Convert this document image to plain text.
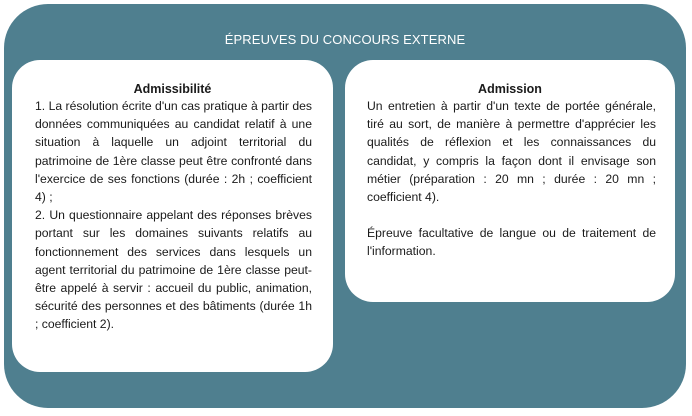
ÉPREUVES DU CONCOURS EXTERNE
Admissibilité

1. La résolution écrite d'un cas pratique à partir des données communiquées au candidat relatif à une situation à laquelle un adjoint territorial du patrimoine de 1ère classe peut être confronté dans l'exercice de ses fonctions (durée : 2h ; coefficient 4) ;

2. Un questionnaire appelant des réponses brèves portant sur les domaines suivants relatifs au fonctionnement des services dans lesquels un agent territorial du patrimoine de 1ère classe peut-être appelé à servir : accueil du public, animation, sécurité des personnes et des bâtiments (durée 1h ; coefficient 2).

Admission

Un entretien à partir d'un texte de portée générale, tiré au sort, de manière à permettre d'apprécier les qualités de réflexion et les connaissances du candidat, y compris la façon dont il envisage son métier (préparation : 20 mn ; durée : 20 mn ; coefficient 4).

Épreuve facultative de langue ou de traitement de l'information.
